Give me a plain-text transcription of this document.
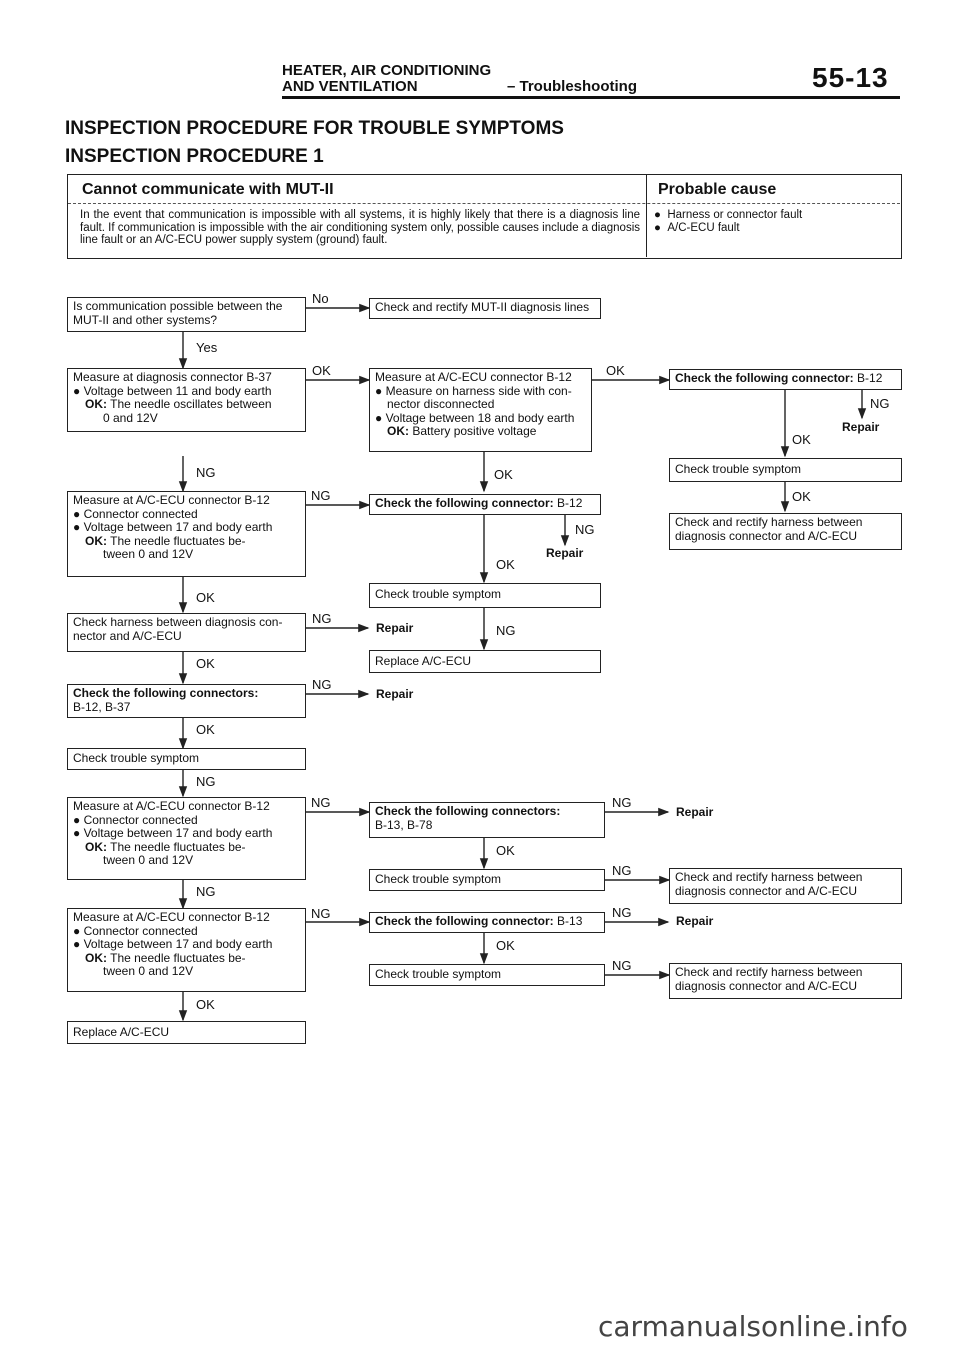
HEATER, AIR CONDITIONING
AND VENTILATION	– Troubleshooting	55-13
INSPECTION PROCEDURE FOR TROUBLE SYMPTOMS
INSPECTION PROCEDURE 1
Cannot communicate with MUT-II	Probable cause
In the event that communication is impossible with all systems, it is highly likely that there is a diagnosis line fault. If communication is impossible with the air conditioning system only, possible causes include a diagnosis line fault or an A/C-ECU power supply system (ground) fault.
●  Harness or connector fault
●  A/C-ECU fault
No
Yes
OK	OK
NG
Repair
OK
OK
NG	OK
NG
NG
Repair
OK
OK
NG
Repair	NG
OK
NG
Repair
OK
NG
NG	NG
Repair
OK
NG
NG
NG	NG
Repair
OK
NG
OK
Is communication possible between the
MUT-II and other systems?
Check and rectify MUT-II diagnosis lines
Measure at diagnosis connector B-37
● Voltage between 11 and body earth
OK: The needle oscillates between
0 and 12V
Measure at A/C-ECU connector B-12
● Measure on harness side with con-
nector disconnected
● Voltage between 18 and body earth
OK: Battery positive voltage
Check the following connector: B-12
Check trouble symptom
Check and rectify harness between
diagnosis connector and A/C-ECU
Measure at A/C-ECU connector B-12
● Connector connected
● Voltage between 17 and body earth
OK: The needle fluctuates be-
tween 0 and 12V
Check the following connector: B-12
Check trouble symptom
Replace A/C-ECU
Check harness between diagnosis con-
nector and A/C-ECU
Check the following connectors:
B-12, B-37
Check trouble symptom
Measure at A/C-ECU connector B-12
● Connector connected
● Voltage between 17 and body earth
OK: The needle fluctuates be-
tween 0 and 12V
Check the following connectors:
B-13, B-78
Check trouble symptom	Check and rectify harness between
diagnosis connector and A/C-ECU
Measure at A/C-ECU connector B-12
● Connector connected
● Voltage between 17 and body earth
OK: The needle fluctuates be-
tween 0 and 12V
Check the following connector: B-13
Check trouble symptom	Check and rectify harness between
diagnosis connector and A/C-ECU
Replace A/C-ECU
carmanualsonline.info
